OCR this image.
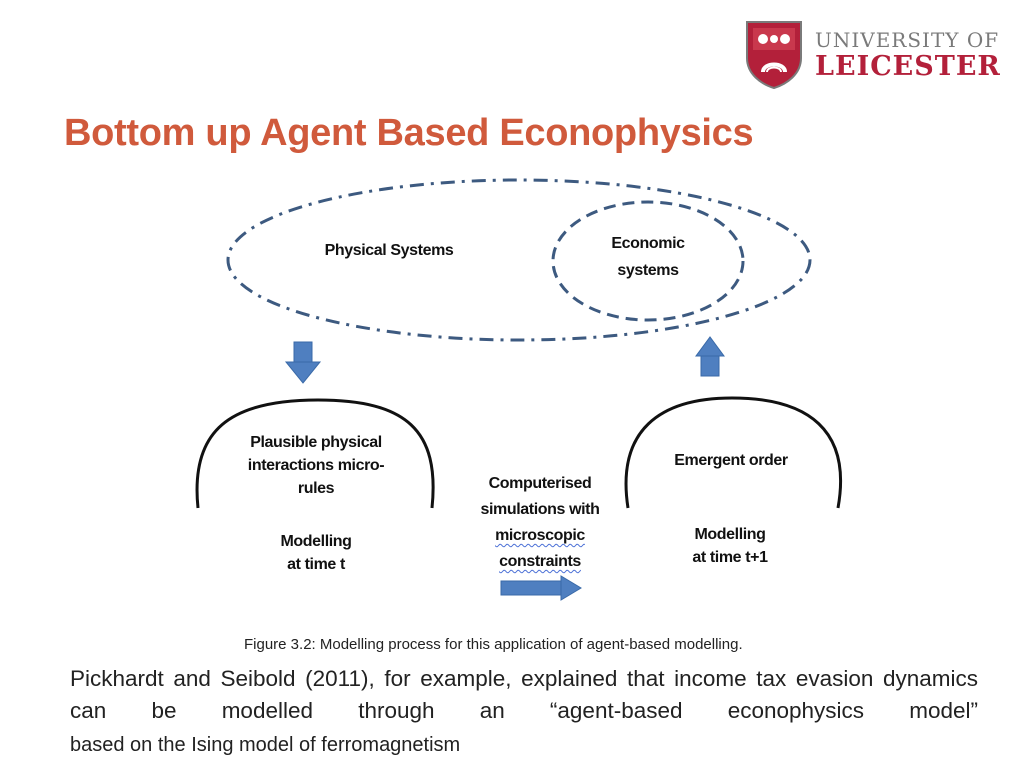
UNIVERSITY OF
LEICESTER
Bottom up Agent Based Econophysics
Physical Systems	Economic
systems
Plausible physical
interactions micro-
rules
Modelling
at time t
Computerised
simulations with
microscopic
constraints
Emergent order
Modelling
at time t+1
Figure 3.2: Modelling process for this application of agent-based modelling.
Pickhardt and Seibold (2011), for example, explained that income tax evasion dynamics can be modelled through an “agent-based econophysics model”
based on the Ising model of ferromagnetism
